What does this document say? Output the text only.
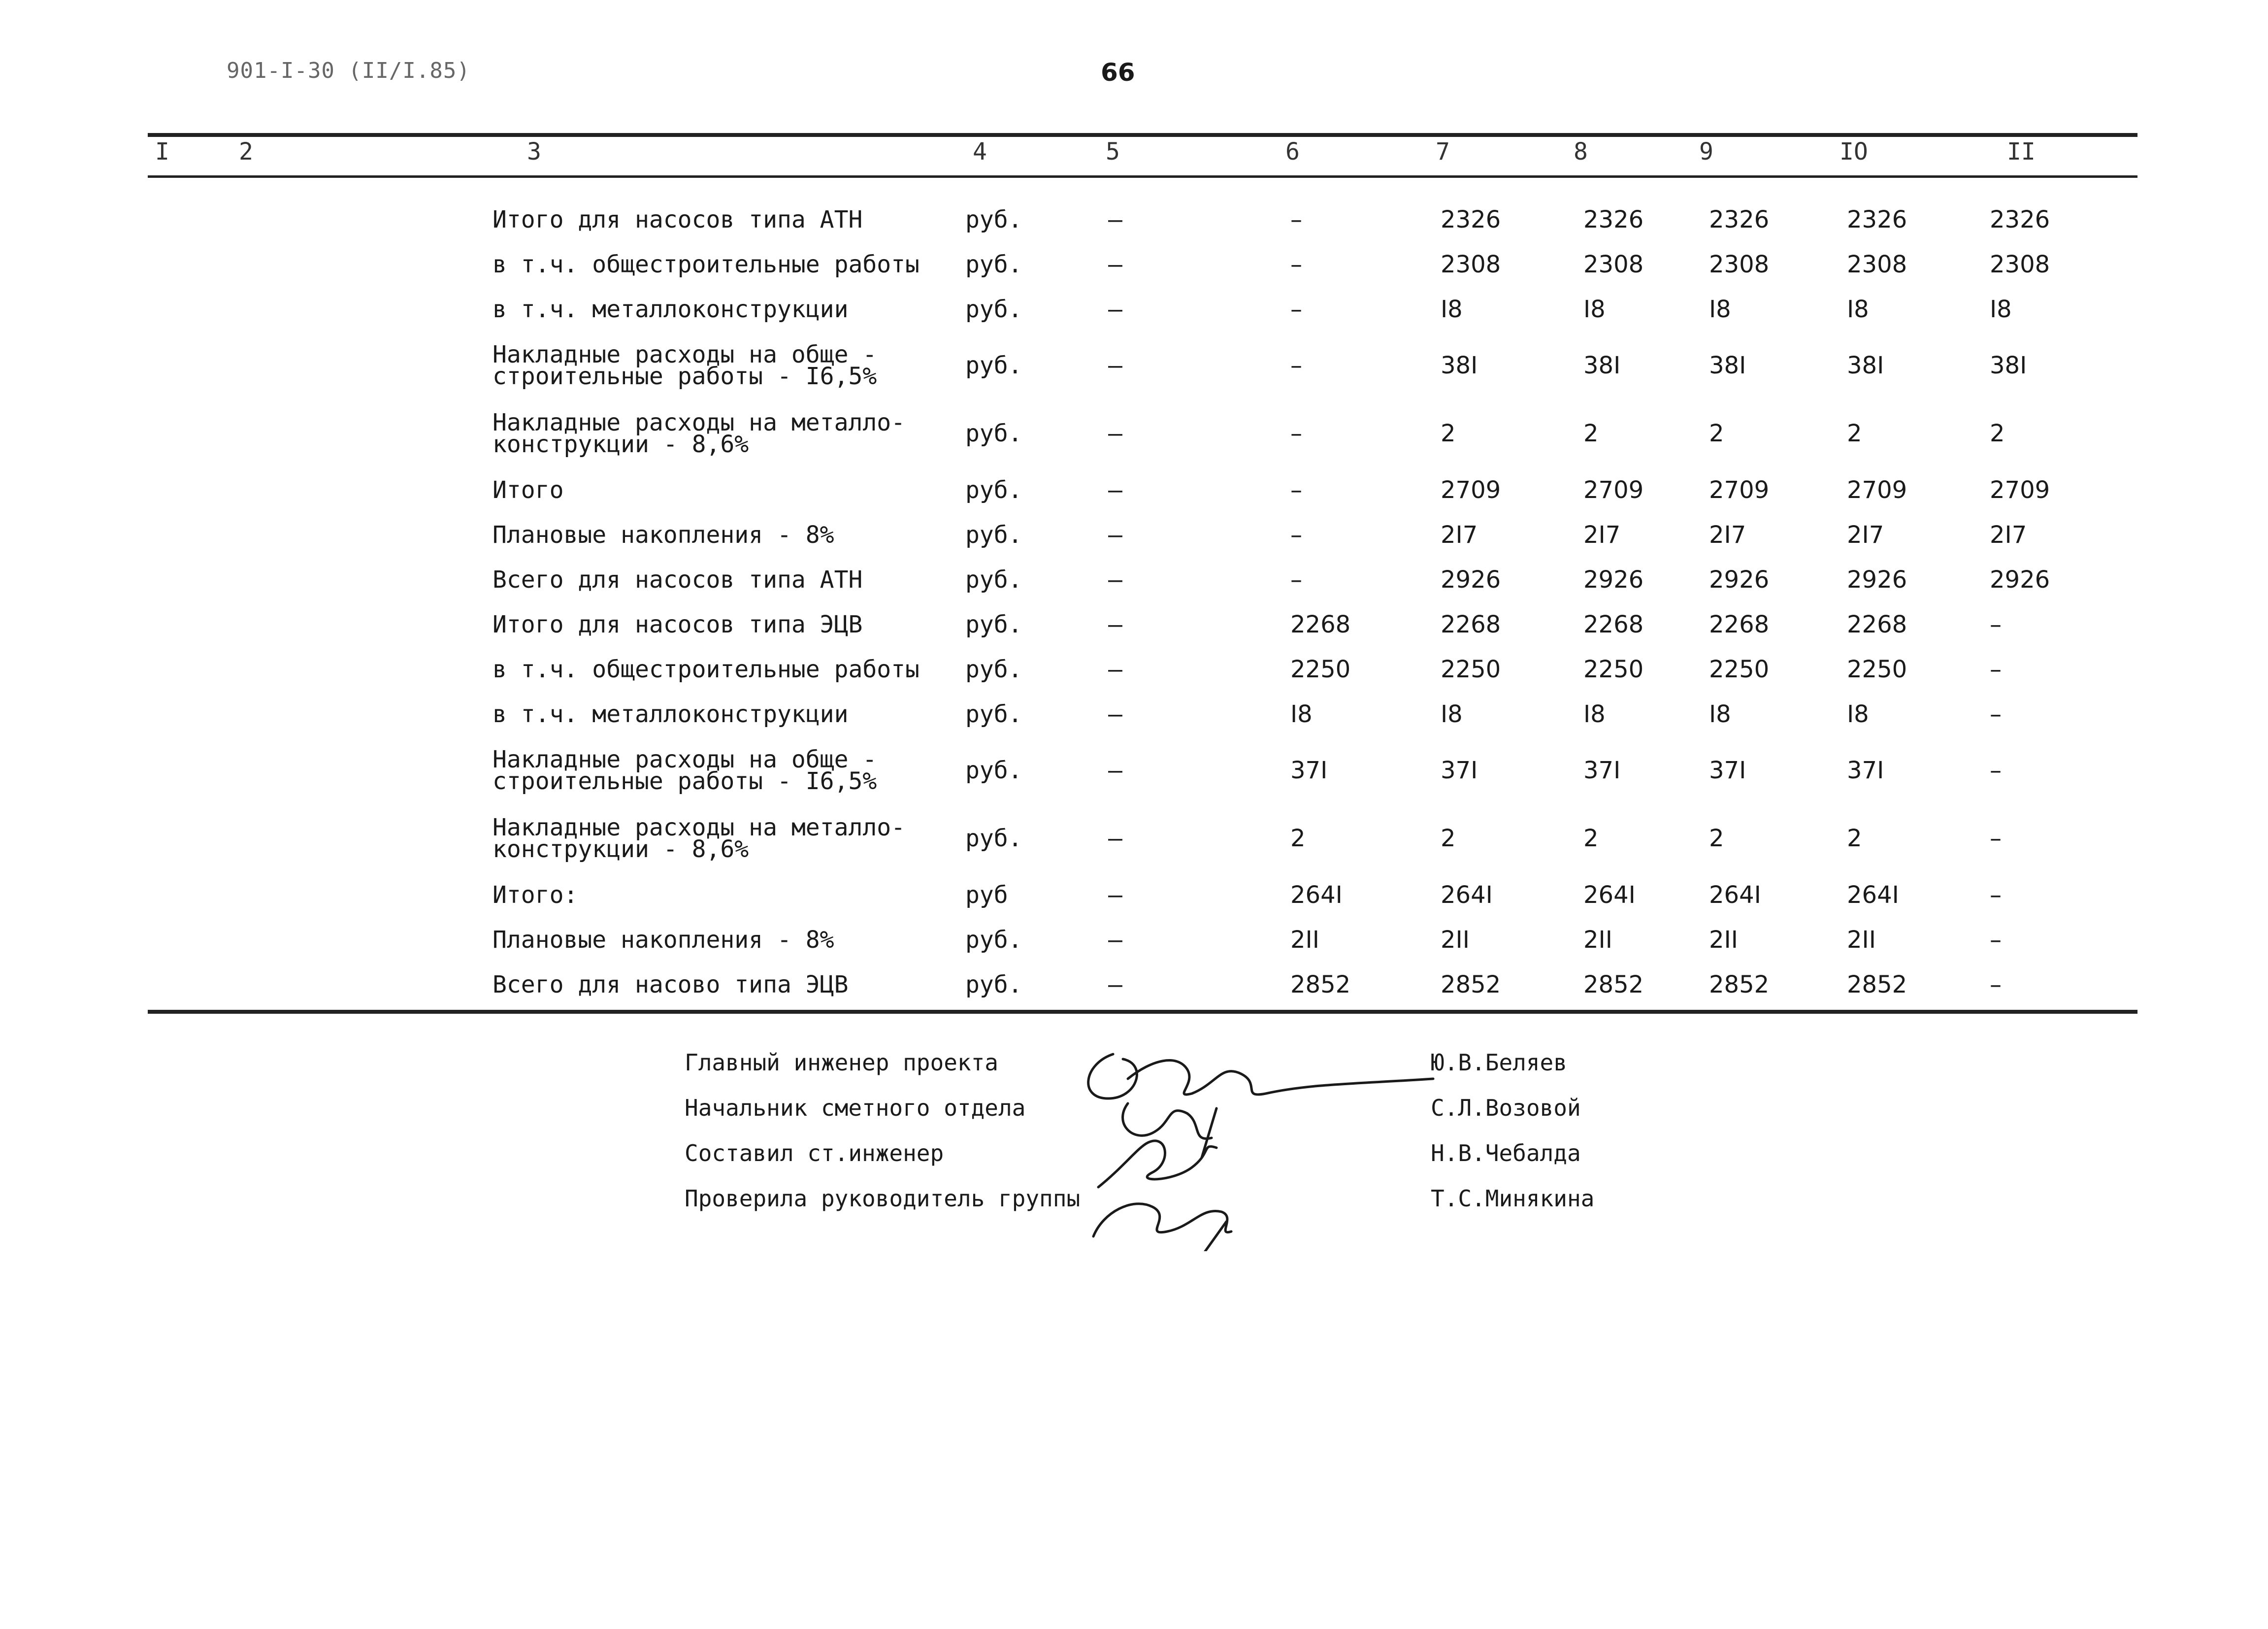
901-I-30 (II/I.85)	66
I	2	3	4	5	6	7	8	9	IO	II
Итого для насосов типа АТН	руб.	–	–	2326	2326	2326	2326	2326

в т.ч. общестроительные работы	руб.	–	–	2308	2308	2308	2308	2308

в т.ч. металлоконструкции	руб.	–	–	I8	I8	I8	I8	I8

Накладные расходы на обще -
строительные работы - I6,5%	руб.	–	–	38I	38I	38I	38I	38I

Накладные расходы на металло-
конструкции - 8,6%	руб.	–	–	2	2	2	2	2

Итого	руб.	–	–	2709	2709	2709	2709	2709

Плановые накопления - 8%	руб.	–	–	2I7	2I7	2I7	2I7	2I7

Всего для насосов типа АТН	руб.	–	–	2926	2926	2926	2926	2926

Итого для насосов типа ЭЦВ	руб.	–	2268	2268	2268	2268	2268	–

в т.ч. общестроительные работы	руб.	–	2250	2250	2250	2250	2250	–

в т.ч. металлоконструкции	руб.	–	I8	I8	I8	I8	I8	–

Накладные расходы на обще -
строительные работы - I6,5%	руб.	–	37I	37I	37I	37I	37I	–

Накладные расходы на металло-
конструкции - 8,6%	руб.	–	2	2	2	2	2	–

Итого:	руб	–	264I	264I	264I	264I	264I	–

Плановые накопления - 8%	руб.	–	2II	2II	2II	2II	2II	–

Всего для насово типа ЭЦВ	руб.	–	2852	2852	2852	2852	2852	–
Главный инженер проекта	Ю.В.Беляев
Начальник сметного отдела	С.Л.Возовой
Составил ст.инженер	Н.В.Чебалда
Проверила руководитель группы	Т.С.Минякина
